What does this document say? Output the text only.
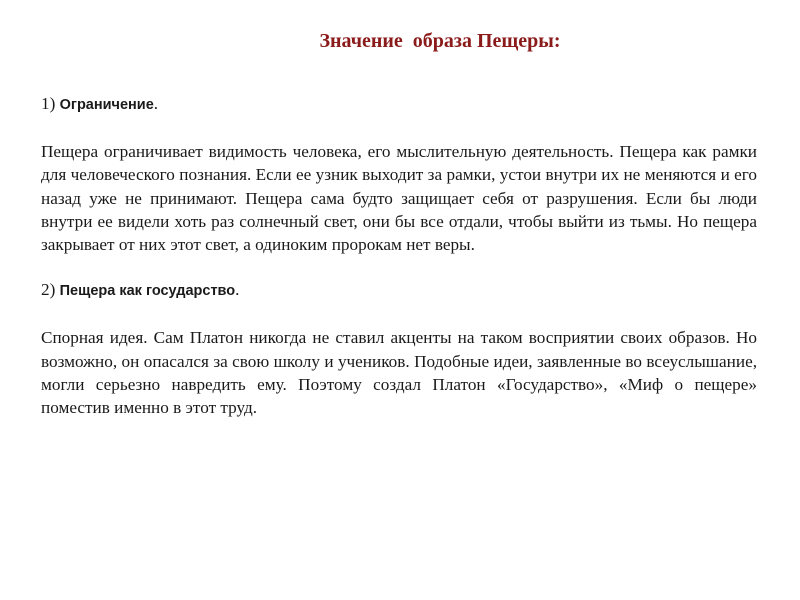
Значение  образа Пещеры:

1) Ограничение.

Пещера ограничивает видимость человека, его мыслительную деятельность. Пещера как рамки для человеческого познания. Если ее узник выходит за рамки, устои внутри их не меняются и его назад уже не принимают. Пещера сама будто защищает себя от разрушения. Если бы люди внутри ее видели хоть раз солнечный свет, они бы все отдали, чтобы выйти из тьмы. Но пещера закрывает от них этот свет, а одиноким пророкам нет веры.

2) Пещера как государство.

Спорная идея. Сам Платон никогда не ставил акценты на таком восприятии своих образов. Но возможно, он опасался за свою школу и учеников. Подобные идеи, заявленные во всеуслышание, могли серьезно навредить ему. Поэтому создал Платон «Государство», «Миф о пещере» поместив именно в этот труд.
